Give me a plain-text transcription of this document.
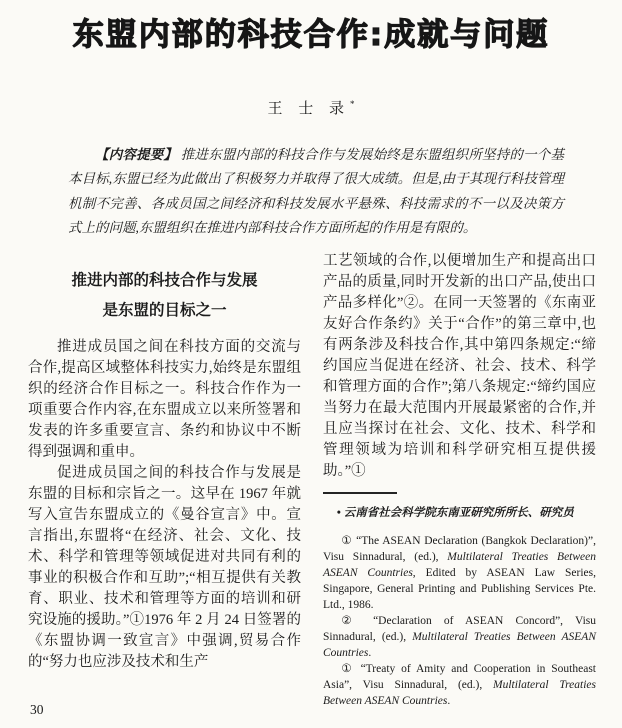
东盟内部的科技合作:成就与问题
王 士 录*

【内容提要】 推进东盟内部的科技合作与发展始终是东盟组织所坚持的一个基本目标,东盟已经为此做出了积极努力并取得了很大成绩。但是,由于其现行科技管理机制不完善、各成员国之间经济和科技发展水平悬殊、科技需求的不一以及决策方式上的问题,东盟组织在推进内部科技合作方面所起的作用是有限的。

推进内部的科技合作与发展
是东盟的目标之一

推进成员国之间在科技方面的交流与合作,提高区域整体科技实力,始终是东盟组织的经济合作目标之一。科技合作作为一项重要合作内容,在东盟成立以来所签署和发表的许多重要宣言、条约和协议中不断得到强调和重申。

促进成员国之间的科技合作与发展是东盟的目标和宗旨之一。这早在 1967 年就写入宣告东盟成立的《曼谷宣言》中。宣言指出,东盟将“在经济、社会、文化、技术、科学和管理等领域促进对共同有利的事业的积极合作和互助”;“相互提供有关教育、职业、技术和管理等方面的培训和研究设施的援助。”①1976 年 2 月 24 日签署的《东盟协调一致宣言》中强调,贸易合作的“努力也应涉及技术和生产

工艺领域的合作,以便增加生产和提高出口产品的质量,同时开发新的出口产品,使出口产品多样化”②。在同一天签署的《东南亚友好合作条约》关于“合作”的第三章中,也有两条涉及科技合作,其中第四条规定:“缔约国应当促进在经济、社会、技术、科学和管理方面的合作”;第八条规定:“缔约国应当努力在最大范围内开展最紧密的合作,并且应当探讨在社会、文化、技术、科学和管理领域为培训和科学研究相互提供援助。”①

• 云南省社会科学院东南亚研究所所长、研究员

① “The ASEAN Declaration (Bangkok Declaration)”, Visu Sinnadural, (ed.), Multilateral Treaties Between ASEAN Countries, Edited by ASEAN Law Series, Singapore, General Printing and Publishing Services Pte. Ltd., 1986.

② “Declaration of ASEAN Concord”, Visu Sinnadural, (ed.), Multilateral Treaties Between ASEAN Countries.

① “Treaty of Amity and Cooperation in Southeast Asia”, Visu Sinnadural, (ed.), Multilateral Treaties Between ASEAN Countries.

30
